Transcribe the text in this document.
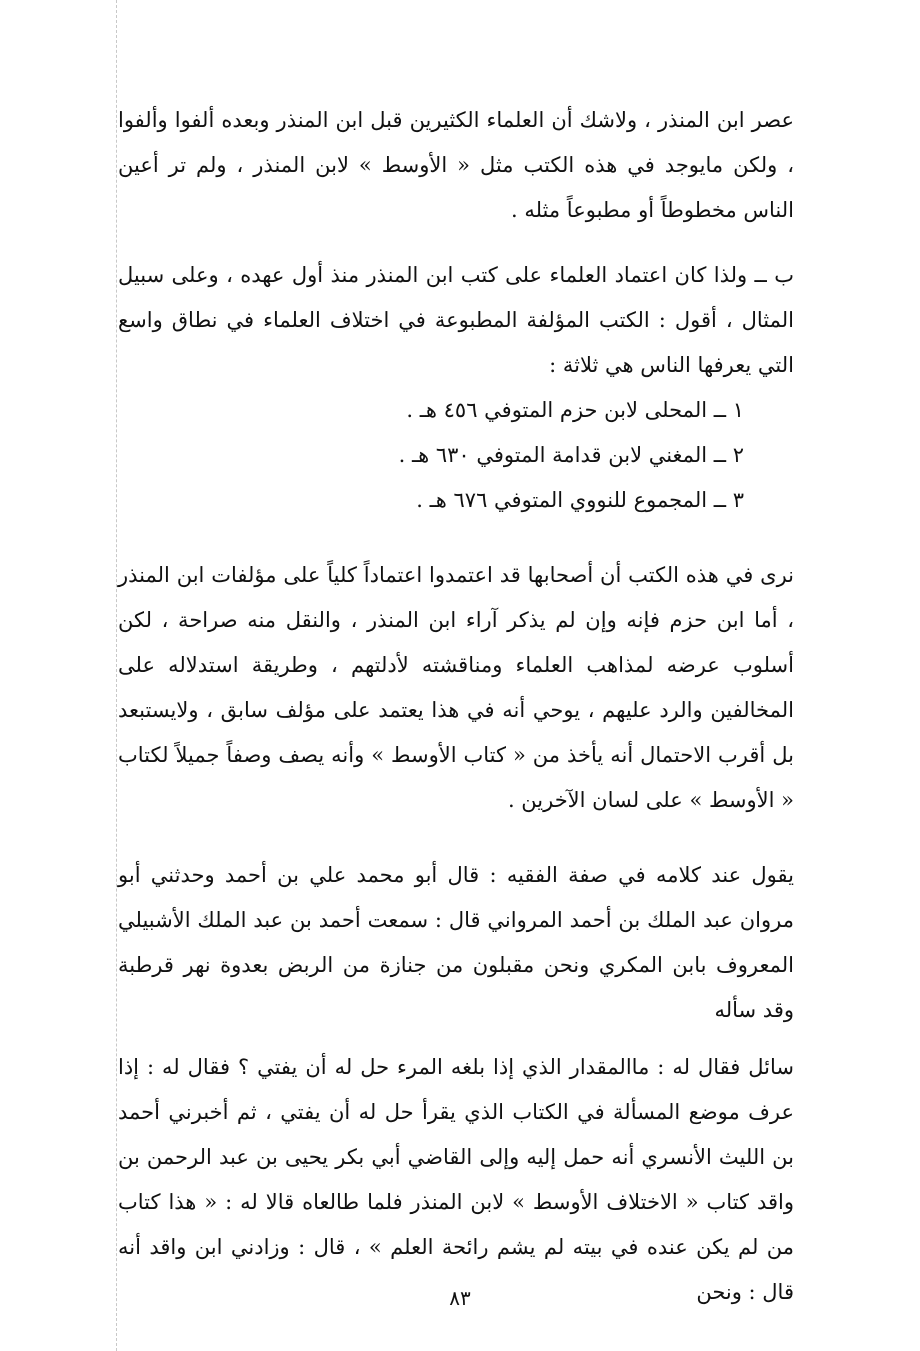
عصر ابن المنذر ، ولاشك أن العلماء الكثيرين قبل ابن المنذر وبعده ألفوا وألفوا ، ولكن مايوجد في هذه الكتب مثل « الأوسط » لابن المنذر ، ولم تر أعين الناس مخطوطاً أو مطبوعاً مثله .

ب ــ ولذا كان اعتماد العلماء على كتب ابن المنذر منذ أول عهده ، وعلى سبيل المثال ، أقول : الكتب المؤلفة المطبوعة في اختلاف العلماء في نطاق واسع التي يعرفها الناس هي ثلاثة :

١ ــ المحلى لابن حزم المتوفي ٤٥٦ هـ .
٢ ــ المغني لابن قدامة المتوفي ٦٣٠ هـ .
٣ ــ المجموع للنووي المتوفي ٦٧٦ هـ .

نرى في هذه الكتب أن أصحابها قد اعتمدوا اعتماداً كلياً على مؤلفات ابن المنذر ، أما ابن حزم فإنه وإن لم يذكر آراء ابن المنذر ، والنقل منه صراحة ، لكن أسلوب عرضه لمذاهب العلماء ومناقشته لأدلتهم ، وطريقة استدلاله على المخالفين والرد عليهم ، يوحي أنه في هذا يعتمد على مؤلف سابق ، ولايستبعد بل أقرب الاحتمال أنه يأخذ من « كتاب الأوسط » وأنه يصف وصفاً جميلاً لكتاب « الأوسط » على لسان الآخرين .

يقول عند كلامه في صفة الفقيه : قال أبو محمد علي بن أحمد وحدثني أبو مروان عبد الملك بن أحمد المرواني قال : سمعت أحمد بن عبد الملك الأشبيلي المعروف بابن المكري ونحن مقبلون من جنازة من الربض بعدوة نهر قرطبة وقد سأله

سائل فقال له : ماالمقدار الذي إذا بلغه المرء حل له أن يفتي ؟ فقال له : إذا عرف موضع المسألة في الكتاب الذي يقرأ حل له أن يفتي ، ثم أخبرني أحمد بن الليث الأنسري أنه حمل إليه وإلى القاضي أبي بكر يحيى بن عبد الرحمن بن واقد كتاب « الاختلاف الأوسط » لابن المنذر فلما طالعاه قالا له : « هذا كتاب من لم يكن عنده في بيته لم يشم رائحة العلم » ، قال : وزادني ابن واقد أنه قال : ونحن

٨٣
